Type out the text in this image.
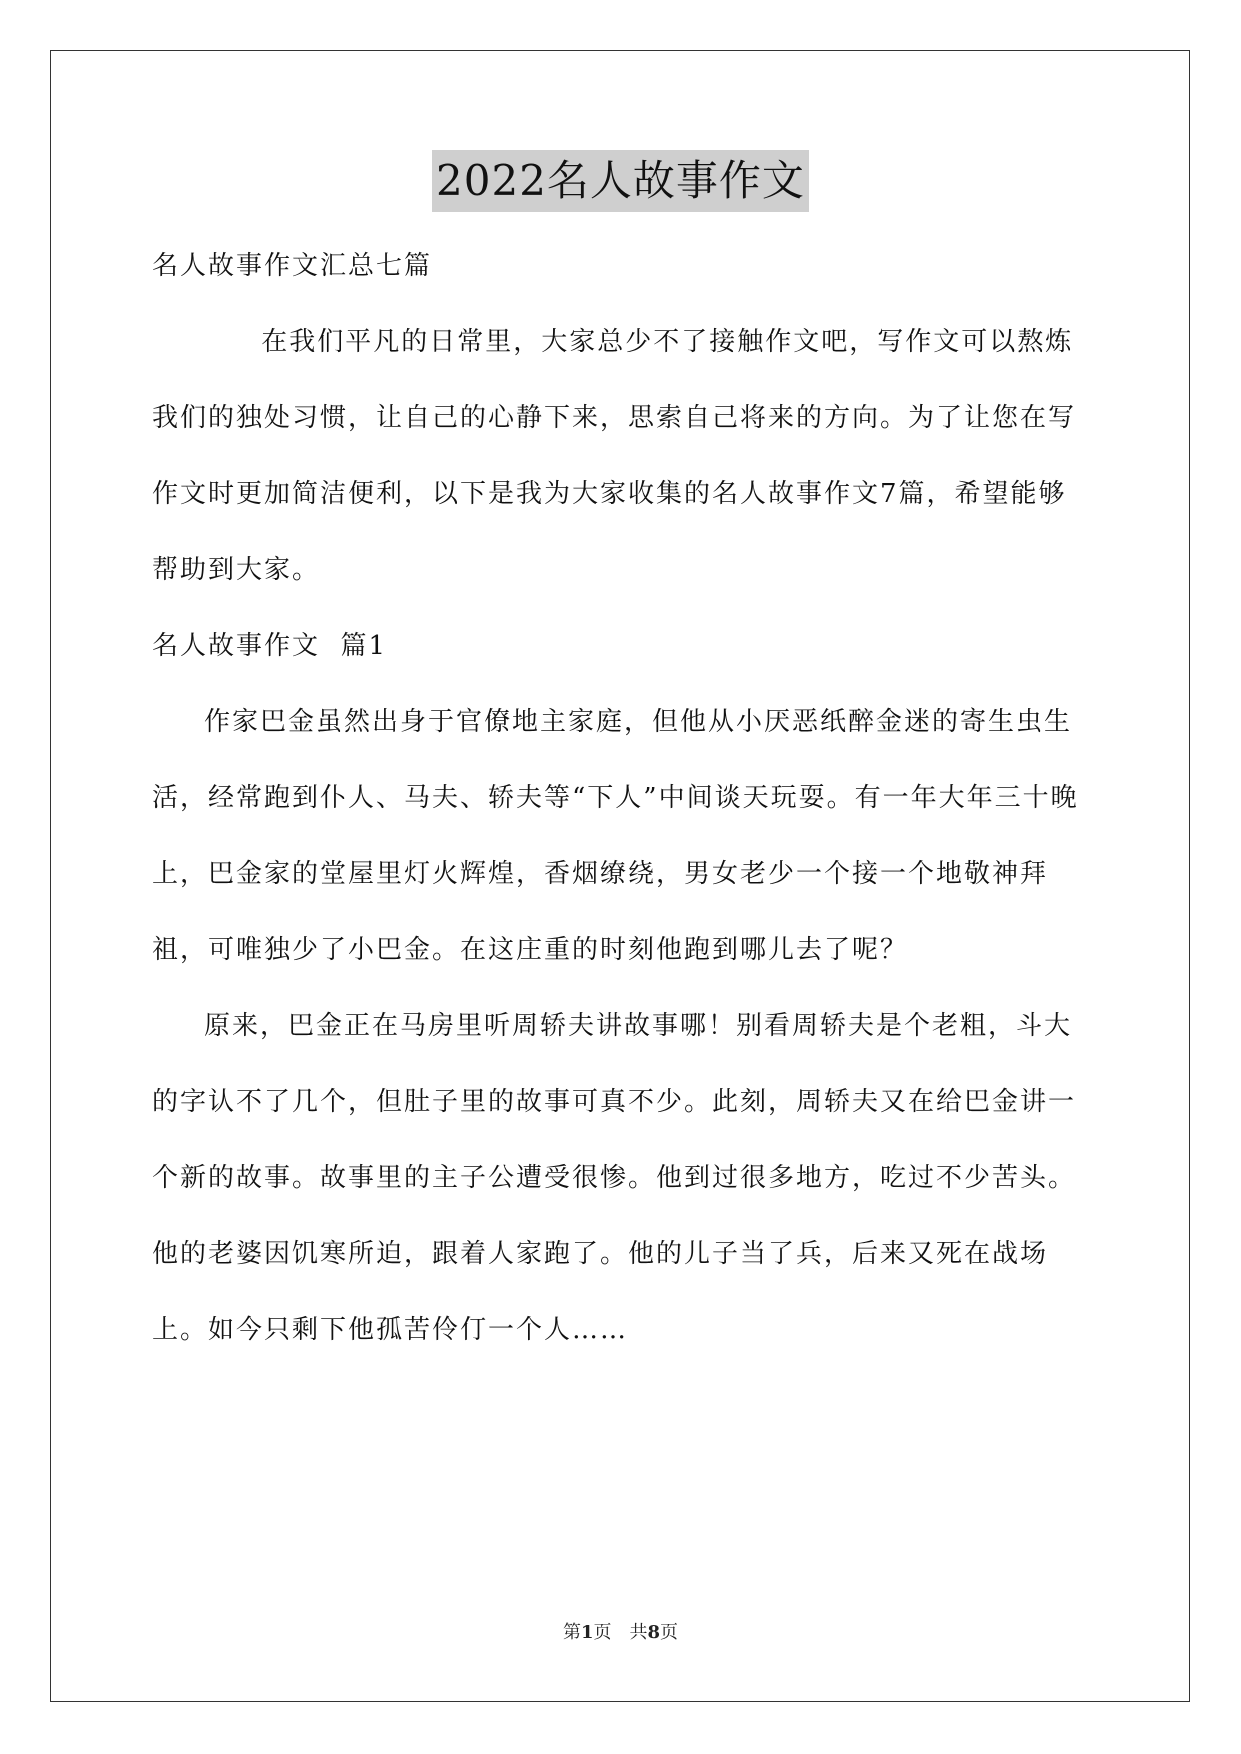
2022名人故事作文

名人故事作文汇总七篇

在我们平凡的日常里，大家总少不了接触作文吧，写作文可以熬炼我们的独处习惯，让自己的心静下来，思索自己将来的方向。为了让您在写作文时更加简洁便利，以下是我为大家收集的名人故事作文7篇，希望能够帮助到大家。

名人故事作文  篇1

作家巴金虽然出身于官僚地主家庭，但他从小厌恶纸醉金迷的寄生虫生活，经常跑到仆人、马夫、轿夫等“下人”中间谈天玩耍。有一年大年三十晚上，巴金家的堂屋里灯火辉煌，香烟缭绕，男女老少一个接一个地敬神拜祖，可唯独少了小巴金。在这庄重的时刻他跑到哪儿去了呢？

原来，巴金正在马房里听周轿夫讲故事哪！别看周轿夫是个老粗，斗大的字认不了几个，但肚子里的故事可真不少。此刻，周轿夫又在给巴金讲一个新的故事。故事里的主子公遭受很惨。他到过很多地方，吃过不少苦头。他的老婆因饥寒所迫，跟着人家跑了。他的儿子当了兵，后来又死在战场上。如今只剩下他孤苦伶仃一个人……

第1页　共8页
